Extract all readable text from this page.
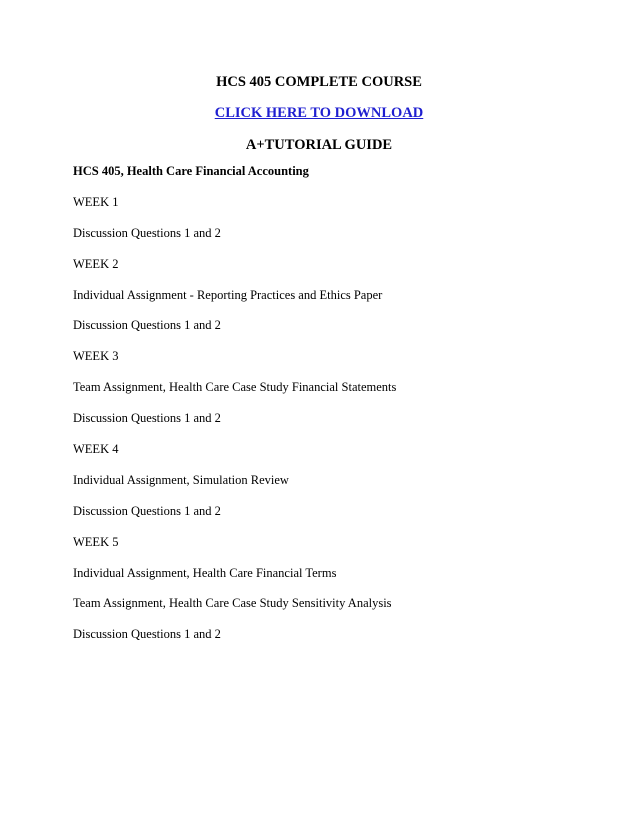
HCS 405 COMPLETE COURSE
CLICK HERE TO DOWNLOAD
A+TUTORIAL GUIDE
HCS 405, Health Care Financial Accounting
WEEK 1
Discussion Questions 1 and 2
WEEK 2
Individual Assignment - Reporting Practices and Ethics Paper
Discussion Questions 1 and 2
WEEK 3
Team Assignment, Health Care Case Study Financial Statements
Discussion Questions 1 and 2
WEEK 4
Individual Assignment, Simulation Review
Discussion Questions 1 and 2
WEEK 5
Individual Assignment, Health Care Financial Terms
Team Assignment, Health Care Case Study Sensitivity Analysis
Discussion Questions 1 and 2
